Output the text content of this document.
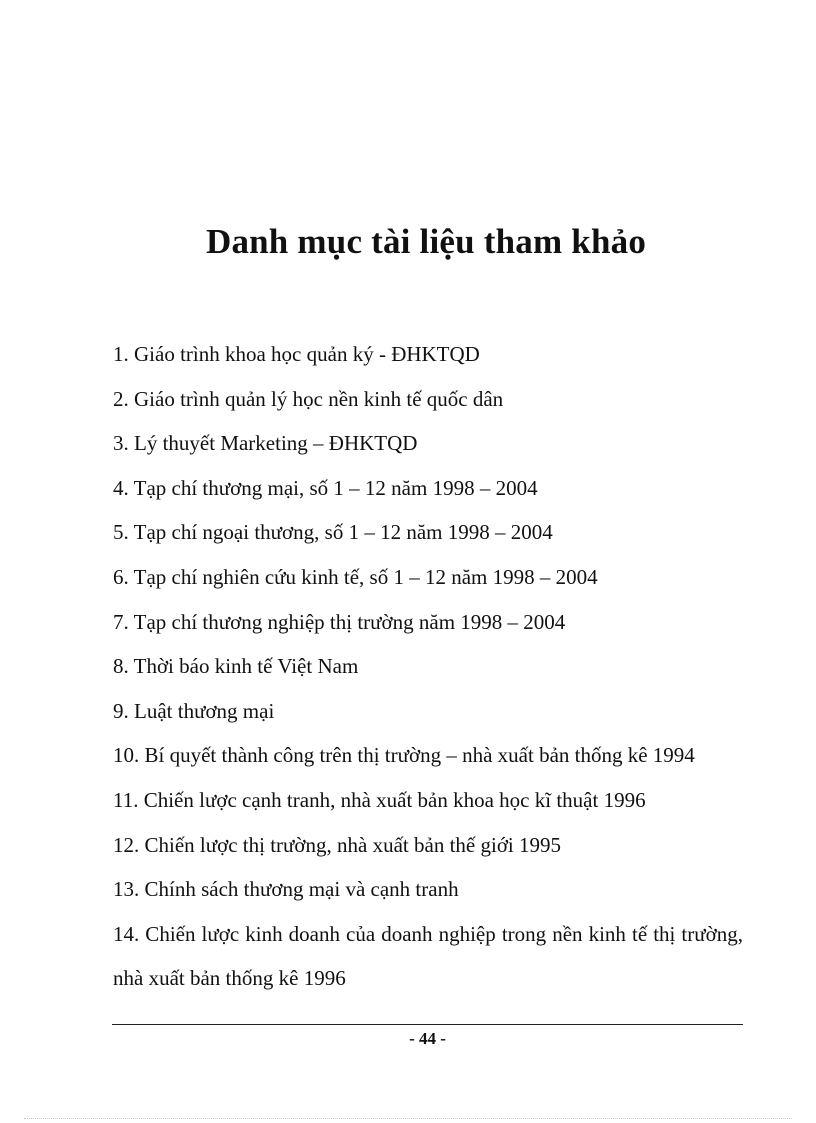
Danh mục tài liệu tham khảo
1. Giáo trình khoa học quản ký - ĐHKTQD
2. Giáo trình quản lý học nền kinh tế quốc dân
3. Lý thuyết Marketing – ĐHKTQD
4. Tạp chí thương mại, số 1 – 12 năm 1998 – 2004
5. Tạp chí ngoại thương, số 1 – 12 năm 1998 – 2004
6. Tạp chí nghiên cứu kinh tế, số 1 – 12 năm 1998 – 2004
7. Tạp chí thương nghiệp thị trường năm 1998 – 2004
8. Thời báo kinh tế Việt Nam
9. Luật thương mại
10. Bí quyết thành công trên thị trường – nhà xuất bản thống kê 1994
11. Chiến lược cạnh tranh, nhà xuất bản khoa học kĩ thuật 1996
12. Chiến lược thị trường, nhà xuất bản thế giới 1995
13. Chính sách thương mại và cạnh tranh
14. Chiến lược kinh doanh của doanh nghiệp trong nền kinh tế thị trường, nhà xuất bản thống kê 1996
- 44 -
